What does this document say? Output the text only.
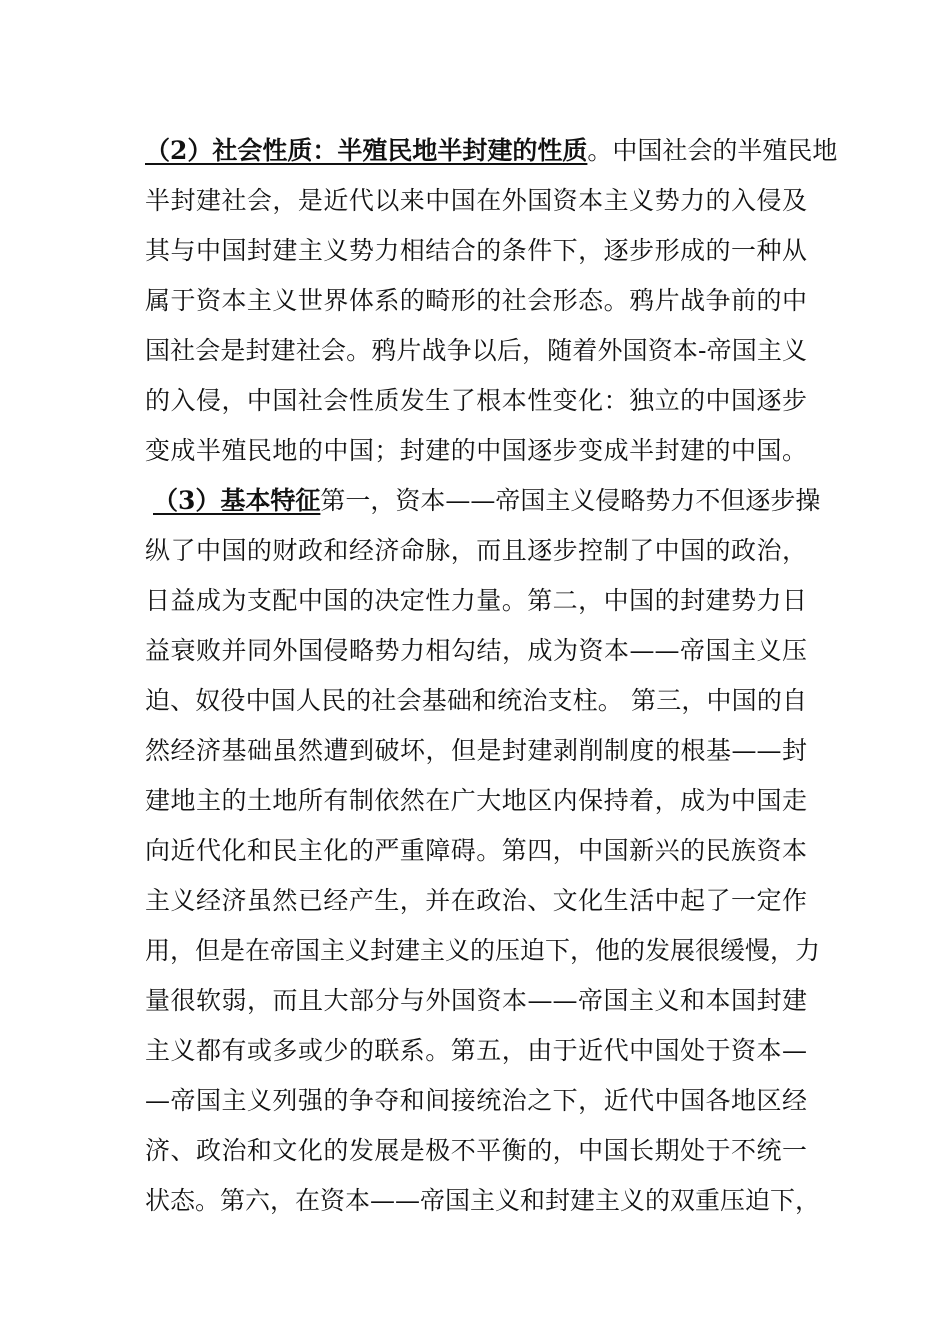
（2）社会性质：半殖民地半封建的性质。中国社会的半殖民地
半封建社会，是近代以来中国在外国资本主义势力的入侵及
其与中国封建主义势力相结合的条件下，逐步形成的一种从
属于资本主义世界体系的畸形的社会形态。鸦片战争前的中
国社会是封建社会。鸦片战争以后，随着外国资本-帝国主义
的入侵，中国社会性质发生了根本性变化：独立的中国逐步
变成半殖民地的中国；封建的中国逐步变成半封建的中国。
（3）基本特征第一，资本——帝国主义侵略势力不但逐步操
纵了中国的财政和经济命脉，而且逐步控制了中国的政治，
日益成为支配中国的决定性力量。第二，中国的封建势力日
益衰败并同外国侵略势力相勾结，成为资本——帝国主义压
迫、奴役中国人民的社会基础和统治支柱。 第三，中国的自
然经济基础虽然遭到破坏，但是封建剥削制度的根基——封
建地主的土地所有制依然在广大地区内保持着，成为中国走
向近代化和民主化的严重障碍。第四，中国新兴的民族资本
主义经济虽然已经产生，并在政治、文化生活中起了一定作
用，但是在帝国主义封建主义的压迫下，他的发展很缓慢，力
量很软弱，而且大部分与外国资本——帝国主义和本国封建
主义都有或多或少的联系。第五，由于近代中国处于资本—
—帝国主义列强的争夺和间接统治之下，近代中国各地区经
济、政治和文化的发展是极不平衡的，中国长期处于不统一
状态。第六，在资本——帝国主义和封建主义的双重压迫下，
